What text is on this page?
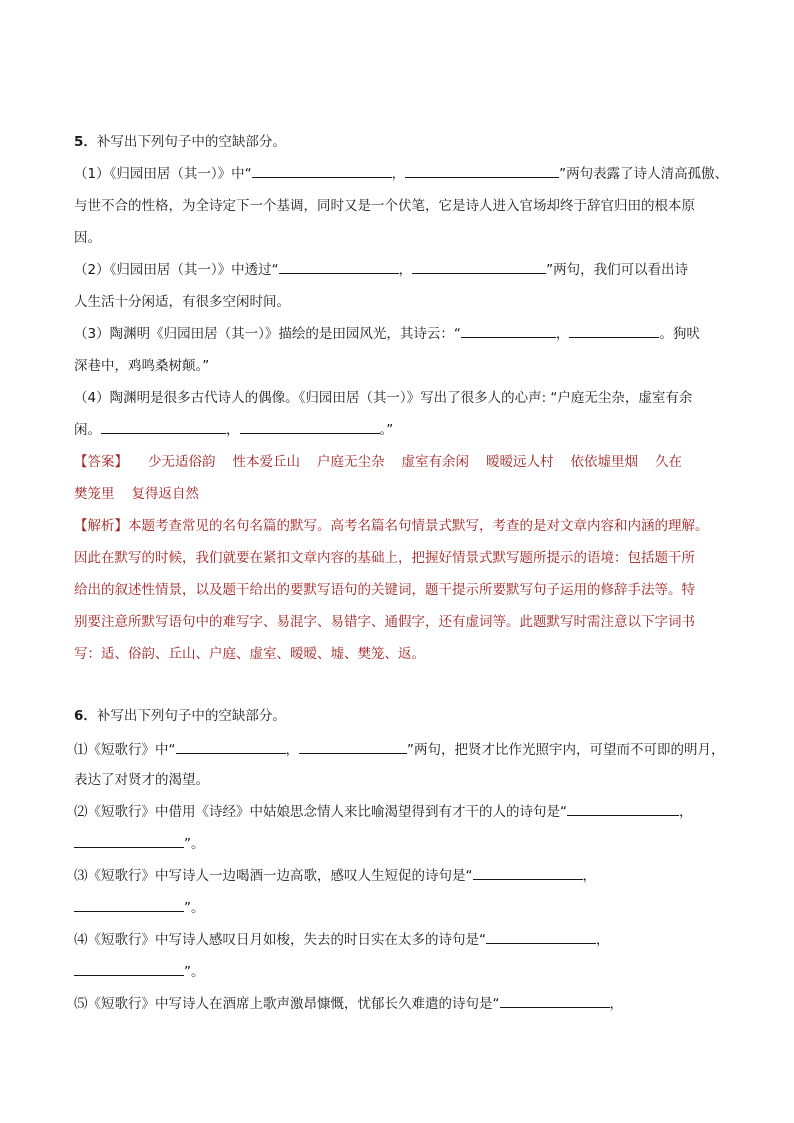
5．补写出下列句子中的空缺部分。
（1）《归园田居（其一）》中“	，	”两句表露了诗人清高孤傲、
与世不合的性格，为全诗定下一个基调，同时又是一个伏笔，它是诗人进入官场却终于辞官归田的根本原
因。
（2）《归园田居（其一）》中透过“	，	”两句，我们可以看出诗
人生活十分闲适，有很多空闲时间。
（3）陶渊明《归园田居（其一）》描绘的是田园风光，其诗云：“	，	。狗吠
深巷中，鸡鸣桑树颠。”
（4）陶渊明是很多古代诗人的偶像。《归园田居（其一）》写出了很多人的心声: “户庭无尘杂，虚室有余
闲。	，	。”
【答案】 少无适俗韵 性本爱丘山 户庭无尘杂 虚室有余闲 暧暧远人村 依依墟里烟 久在
樊笼里 复得返自然
【解析】本题考查常见的名句名篇的默写。高考名篇名句情景式默写，考查的是对文章内容和内涵的理解。
因此在默写的时候，我们就要在紧扣文章内容的基础上，把握好情景式默写题所提示的语境：包括题干所
给出的叙述性情景，以及题干给出的要默写语句的关键词，题干提示所要默写句子运用的修辞手法等。特
别要注意所默写语句中的难写字、易混字、易错字、通假字，还有虚词等。此题默写时需注意以下字词书
写：适、俗韵、丘山、户庭、虚室、暧暧、墟、樊笼、返。
6．补写出下列句子中的空缺部分。
⑴《短歌行》中“	，	”两句，把贤才比作光照宇内，可望而不可即的明月，
表达了对贤才的渴望。
⑵《短歌行》中借用《诗经》中姑娘思念情人来比喻渴望得到有才干的人的诗句是“	，
”。
⑶《短歌行》中写诗人一边喝酒一边高歌，感叹人生短促的诗句是“	，
”。
⑷《短歌行》中写诗人感叹日月如梭，失去的时日实在太多的诗句是“	，
”。
⑸《短歌行》中写诗人在酒席上歌声激昂慷慨，忧郁长久难遣的诗句是“	，
